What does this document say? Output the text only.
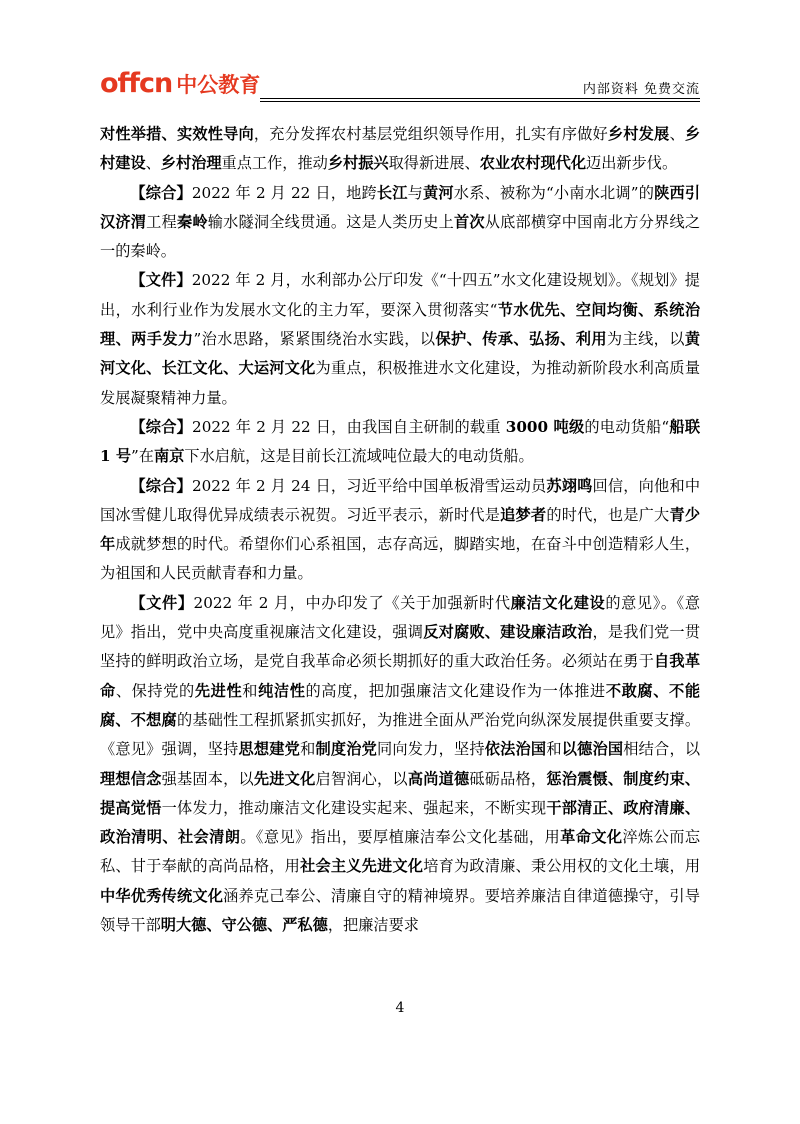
offcn 中公教育	内部资料 免费交流

对性举措、实效性导向，充分发挥农村基层党组织领导作用，扎实有序做好乡村发展、乡村建设、乡村治理重点工作，推动乡村振兴取得新进展、农业农村现代化迈出新步伐。

【综合】2022 年 2 月 22 日，地跨长江与黄河水系、被称为“小南水北调”的陕西引汉济渭工程秦岭输水隧洞全线贯通。这是人类历史上首次从底部横穿中国南北方分界线之一的秦岭。

【文件】2022 年 2 月，水利部办公厅印发《“十四五”水文化建设规划》。《规划》提出，水利行业作为发展水文化的主力军，要深入贯彻落实“节水优先、空间均衡、系统治理、两手发力”治水思路，紧紧围绕治水实践，以保护、传承、弘扬、利用为主线，以黄河文化、长江文化、大运河文化为重点，积极推进水文化建设，为推动新阶段水利高质量发展凝聚精神力量。

【综合】2022 年 2 月 22 日，由我国自主研制的载重 3000 吨级的电动货船“船联 1 号”在南京下水启航，这是目前长江流域吨位最大的电动货船。

【综合】2022 年 2 月 24 日，习近平给中国单板滑雪运动员苏翊鸣回信，向他和中国冰雪健儿取得优异成绩表示祝贺。习近平表示，新时代是追梦者的时代，也是广大青少年成就梦想的时代。希望你们心系祖国，志存高远，脚踏实地，在奋斗中创造精彩人生，为祖国和人民贡献青春和力量。

【文件】2022 年 2 月，中办印发了《关于加强新时代廉洁文化建设的意见》。《意见》指出，党中央高度重视廉洁文化建设，强调反对腐败、建设廉洁政治，是我们党一贯坚持的鲜明政治立场，是党自我革命必须长期抓好的重大政治任务。必须站在勇于自我革命、保持党的先进性和纯洁性的高度，把加强廉洁文化建设作为一体推进不敢腐、不能腐、不想腐的基础性工程抓紧抓实抓好，为推进全面从严治党向纵深发展提供重要支撑。《意见》强调，坚持思想建党和制度治党同向发力，坚持依法治国和以德治国相结合，以理想信念强基固本，以先进文化启智润心，以高尚道德砥砺品格，惩治震慑、制度约束、提高觉悟一体发力，推动廉洁文化建设实起来、强起来，不断实现干部清正、政府清廉、政治清明、社会清朗。《意见》指出，要厚植廉洁奉公文化基础，用革命文化淬炼公而忘私、甘于奉献的高尚品格，用社会主义先进文化培育为政清廉、秉公用权的文化土壤，用中华优秀传统文化涵养克己奉公、清廉自守的精神境界。要培养廉洁自律道德操守，引导领导干部明大德、守公德、严私德，把廉洁要求

4
